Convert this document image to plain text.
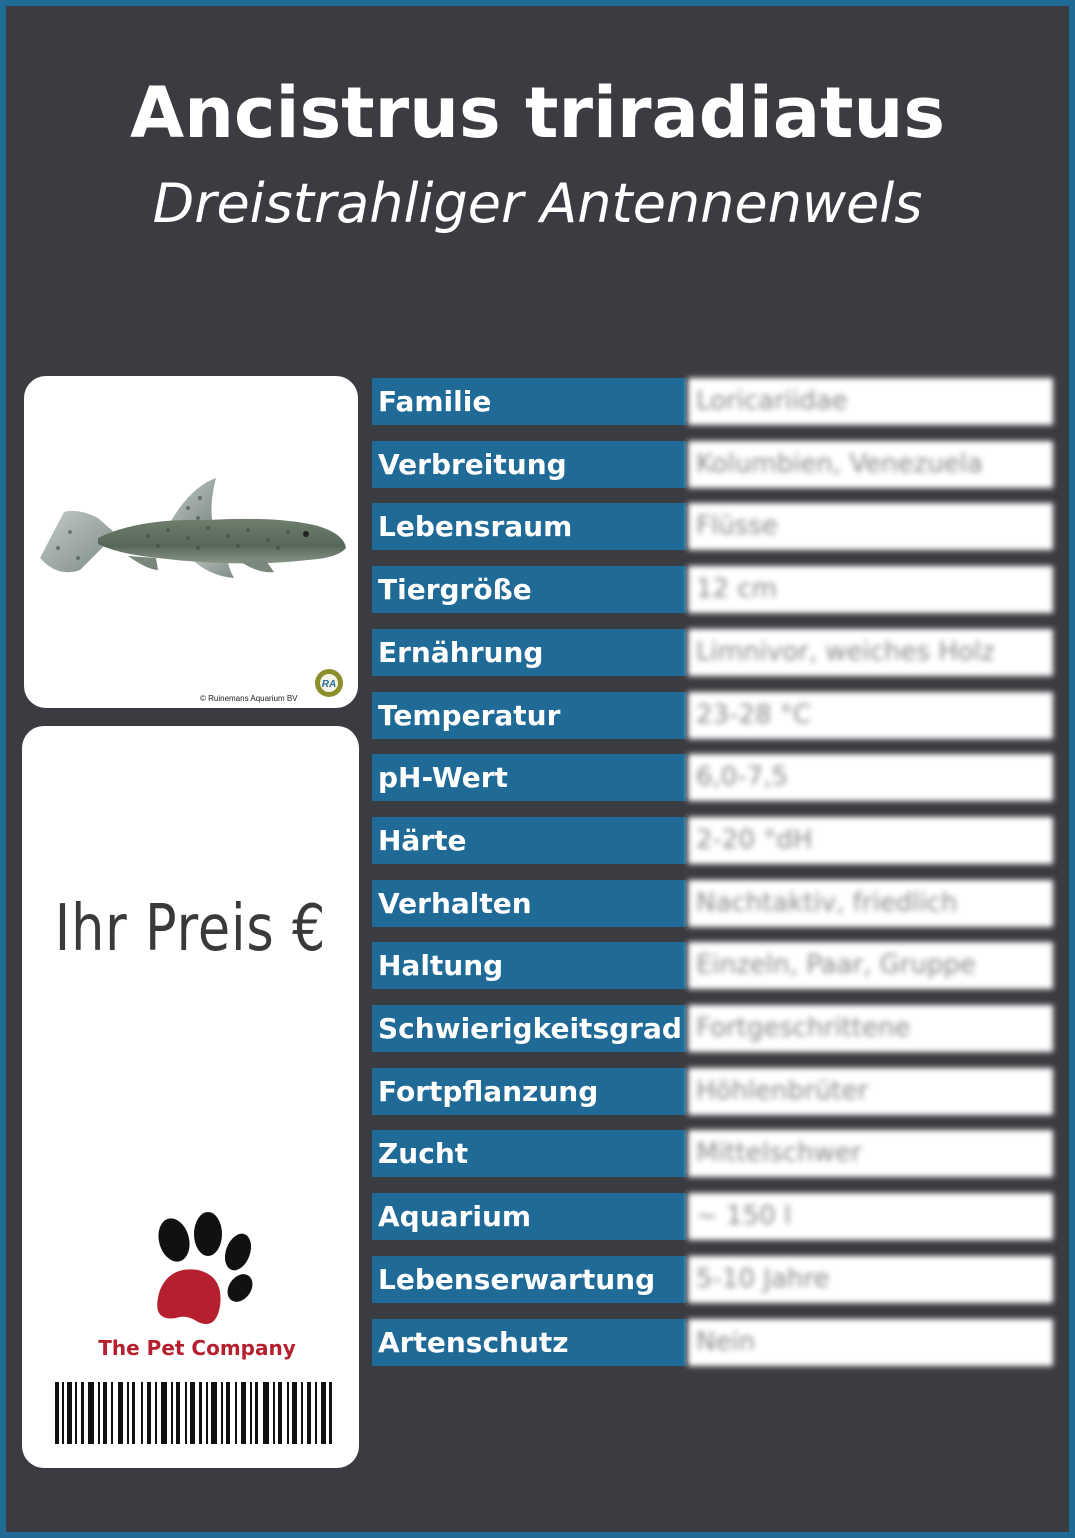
Ancistrus triradiatus
Dreistrahliger Antennenwels
© Ruinemans Aquarium BV
RA
Ihr Preis €
The Pet Company
Familie	Loricariidae
Verbreitung	Kolumbien, Venezuela
Lebensraum	Flüsse
Tiergröße	12 cm
Ernährung	Limnivor, weiches Holz
Temperatur	23-28 °C
pH-Wert	6,0-7,5
Härte	2-20 °dH
Verhalten	Nachtaktiv, friedlich
Haltung	Einzeln, Paar, Gruppe
Schwierigkeitsgrad Fortgeschrittene
Fortpflanzung	Höhlenbrüter
Zucht	Mittelschwer
Aquarium	~ 150 l
Lebenserwartung	5-10 Jahre
Artenschutz	Nein
